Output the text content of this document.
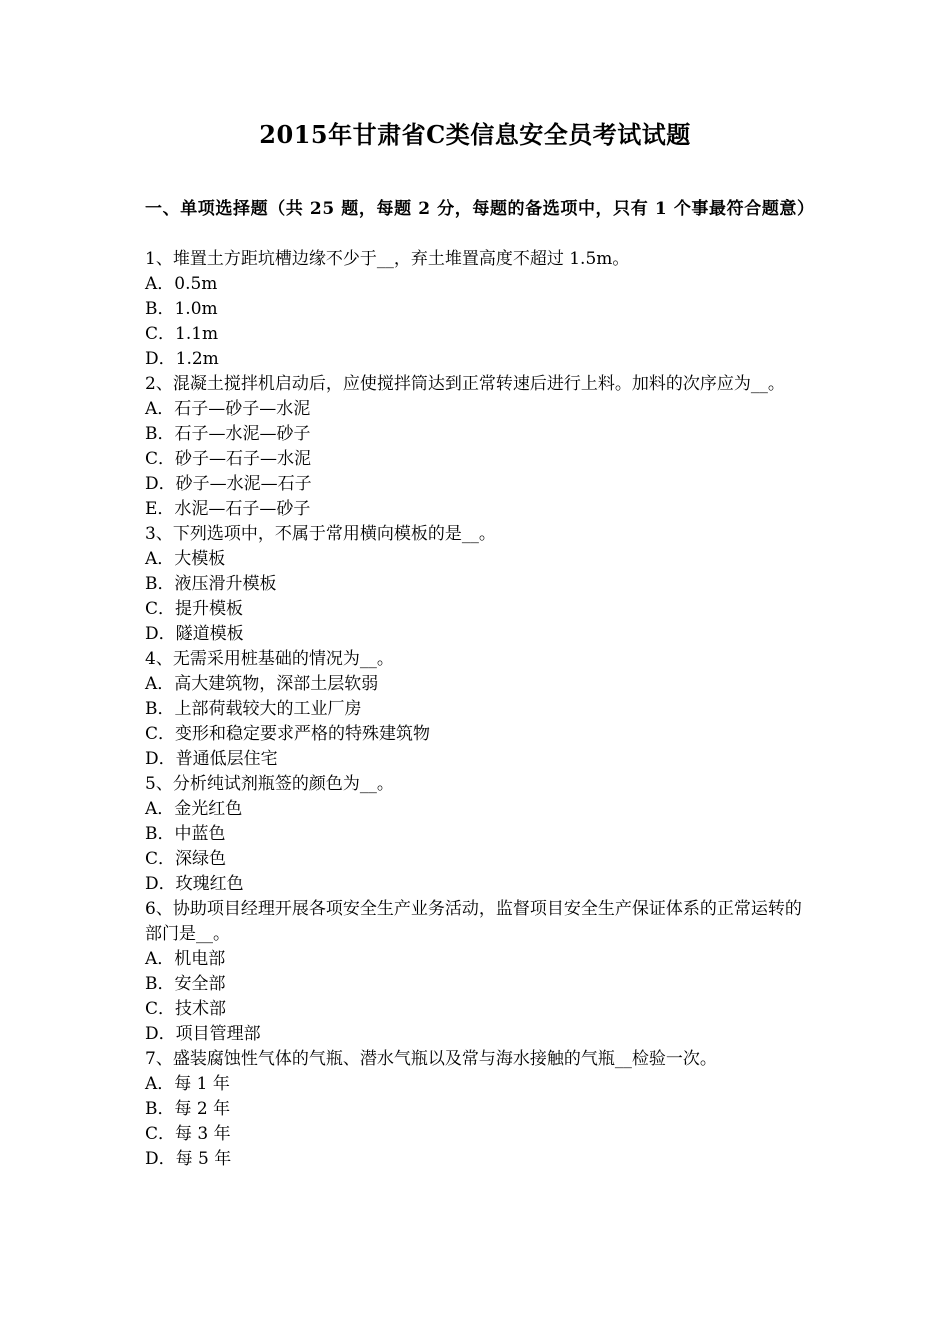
2015年甘肃省C类信息安全员考试试题
一、单项选择题（共 25 题，每题 2 分，每题的备选项中，只有 1 个事最符合题意）
1、堆置土方距坑槽边缘不少于__，弃土堆置高度不超过 1.5m。
A．0.5m
B．1.0m
C．1.1m
D．1.2m
2、混凝土搅拌机启动后，应使搅拌筒达到正常转速后进行上料。加料的次序应为__。
A．石子—砂子—水泥
B．石子—水泥—砂子
C．砂子—石子—水泥
D．砂子—水泥—石子
E．水泥—石子—砂子
3、下列选项中，不属于常用横向模板的是__。
A．大模板
B．液压滑升模板
C．提升模板
D．隧道模板
4、无需采用桩基础的情况为__。
A．高大建筑物，深部土层软弱
B．上部荷载较大的工业厂房
C．变形和稳定要求严格的特殊建筑物
D．普通低层住宅
5、分析纯试剂瓶签的颜色为__。
A．金光红色
B．中蓝色
C．深绿色
D．玫瑰红色
6、协助项目经理开展各项安全生产业务活动，监督项目安全生产保证体系的正常运转的部门是__。
A．机电部
B．安全部
C．技术部
D．项目管理部
7、盛装腐蚀性气体的气瓶、潜水气瓶以及常与海水接触的气瓶__检验一次。
A．每 1 年
B．每 2 年
C．每 3 年
D．每 5 年
